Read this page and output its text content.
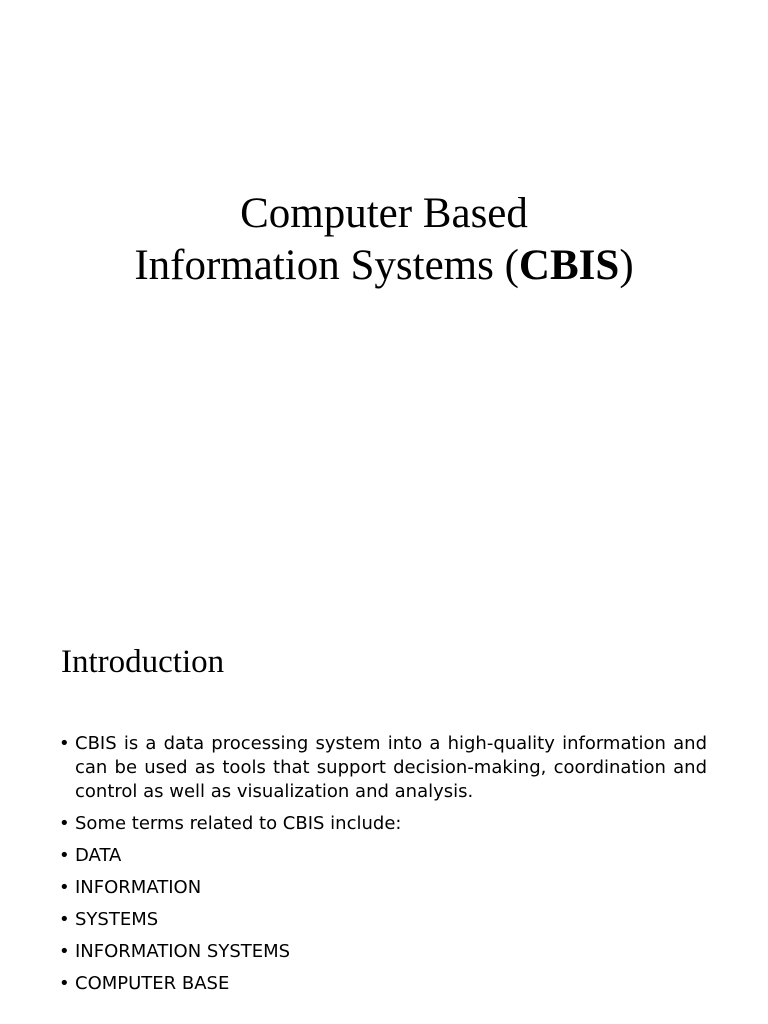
Computer Based
Information Systems (CBIS)
Introduction
• CBIS is a data processing system into a high-quality information and can be used as tools that support decision-making, coordination and control as well as visualization and analysis.
• Some terms related to CBIS include:
• DATA
• INFORMATION
• SYSTEMS
• INFORMATION SYSTEMS
• COMPUTER BASE
